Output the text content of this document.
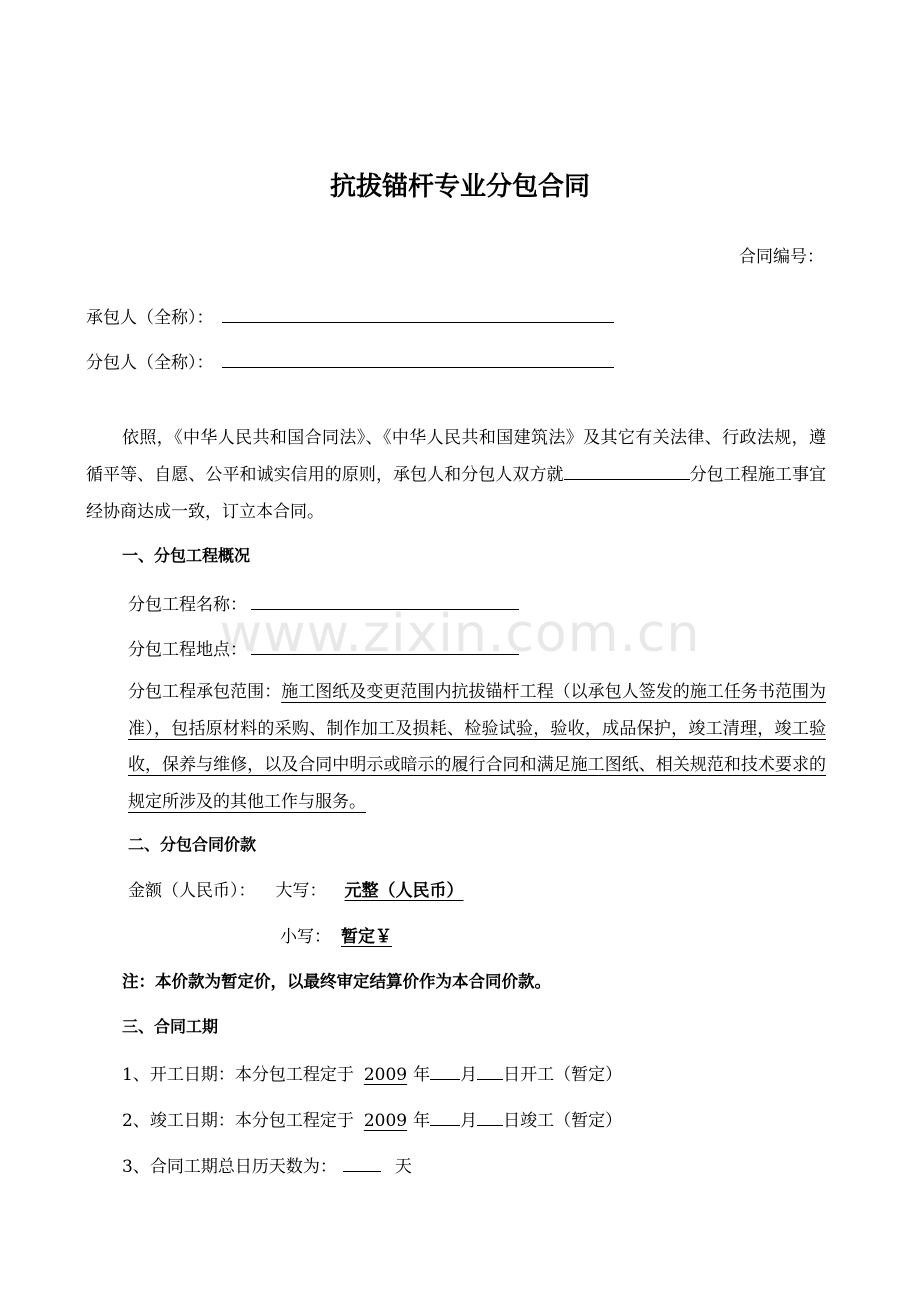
www.zixin.com.cn
抗拔锚杆专业分包合同
合同编号：
承包人（全称）：
分包人（全称）：

依照，《中华人民共和国合同法》、《中华人民共和国建筑法》及其它有关法律、行政法规，遵循平等、自愿、公平和诚实信用的原则，承包人和分包人双方就	分包工程施工事宜经协商达成一致，订立本合同。

一、分包工程概况
分包工程名称：
分包工程地点：
分包工程承包范围：施工图纸及变更范围内抗拔锚杆工程（以承包人签发的施工任务书范围为准），包括原材料的采购、制作加工及损耗、检验试验，验收，成品保护，竣工清理，竣工验收，保养与维修，以及合同中明示或暗示的履行合同和满足施工图纸、相关规范和技术要求的规定所涉及的其他工作与服务。
二、分包合同价款
金额（人民币）： 大写： 元整（人民币）
小写： 暂定￥
注：本价款为暂定价，以最终审定结算价作为本合同价款。
三、合同工期
1、开工日期：本分包工程定于 2009 年 月 日开工（暂定）
2、竣工日期：本分包工程定于 2009 年 月 日竣工（暂定）
3、合同工期总日历天数为：	天
